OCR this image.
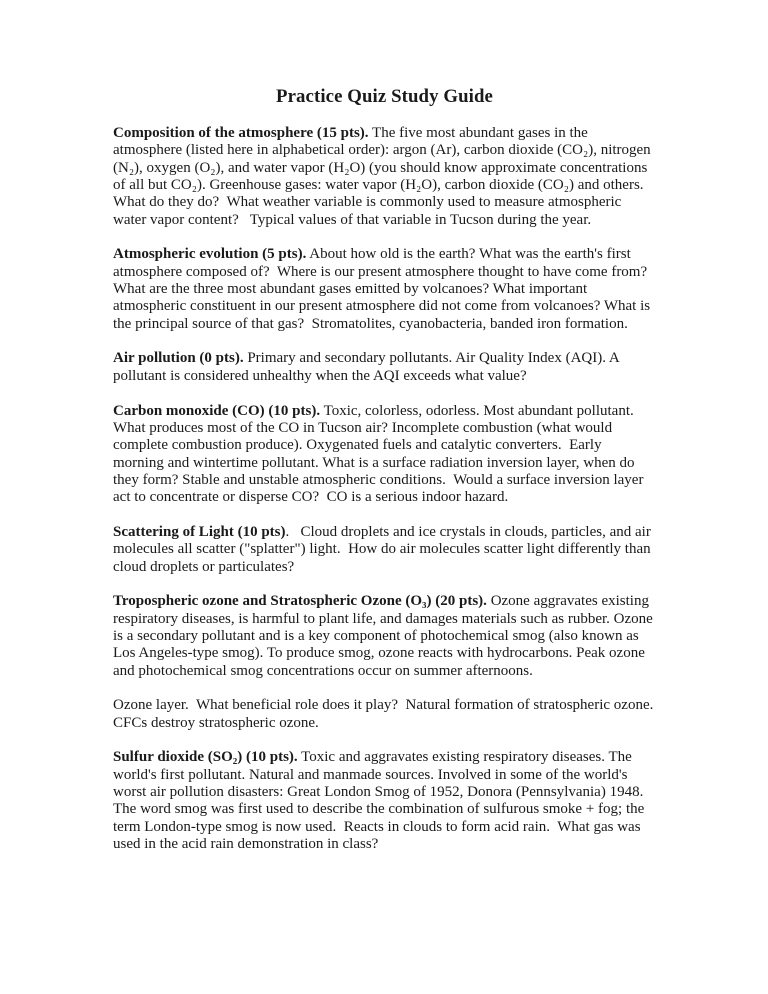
Practice Quiz Study Guide

Composition of the atmosphere (15 pts). The five most abundant gases in the atmosphere (listed here in alphabetical order): argon (Ar), carbon dioxide (CO₂), nitrogen (N₂), oxygen (O₂), and water vapor (H₂O) (you should know approximate concentrations of all but CO₂). Greenhouse gases: water vapor (H₂O), carbon dioxide (CO₂) and others. What do they do?  What weather variable is commonly used to measure atmospheric water vapor content?   Typical values of that variable in Tucson during the year.

Atmospheric evolution (5 pts). About how old is the earth? What was the earth's first atmosphere composed of?  Where is our present atmosphere thought to have come from? What are the three most abundant gases emitted by volcanoes? What important atmospheric constituent in our present atmosphere did not come from volcanoes? What is the principal source of that gas?  Stromatolites, cyanobacteria, banded iron formation.

Air pollution (0 pts). Primary and secondary pollutants. Air Quality Index (AQI). A pollutant is considered unhealthy when the AQI exceeds what value?

Carbon monoxide (CO) (10 pts). Toxic, colorless, odorless. Most abundant pollutant. What produces most of the CO in Tucson air? Incomplete combustion (what would complete combustion produce). Oxygenated fuels and catalytic converters.  Early morning and wintertime pollutant. What is a surface radiation inversion layer, when do they form? Stable and unstable atmospheric conditions.  Would a surface inversion layer act to concentrate or disperse CO?  CO is a serious indoor hazard.

Scattering of Light (10 pts).   Cloud droplets and ice crystals in clouds, particles, and air molecules all scatter ("splatter") light.  How do air molecules scatter light differently than cloud droplets or particulates?

Tropospheric ozone and Stratospheric Ozone (O₃) (20 pts). Ozone aggravates existing respiratory diseases, is harmful to plant life, and damages materials such as rubber. Ozone is a secondary pollutant and is a key component of photochemical smog (also known as Los Angeles-type smog). To produce smog, ozone reacts with hydrocarbons. Peak ozone and photochemical smog concentrations occur on summer afternoons.

Ozone layer.  What beneficial role does it play?  Natural formation of stratospheric ozone.  CFCs destroy stratospheric ozone.

Sulfur dioxide (SO₂) (10 pts). Toxic and aggravates existing respiratory diseases. The world's first pollutant. Natural and manmade sources. Involved in some of the world's worst air pollution disasters: Great London Smog of 1952, Donora (Pennsylvania) 1948. The word smog was first used to describe the combination of sulfurous smoke + fog; the term London-type smog is now used.  Reacts in clouds to form acid rain.  What gas was used in the acid rain demonstration in class?
